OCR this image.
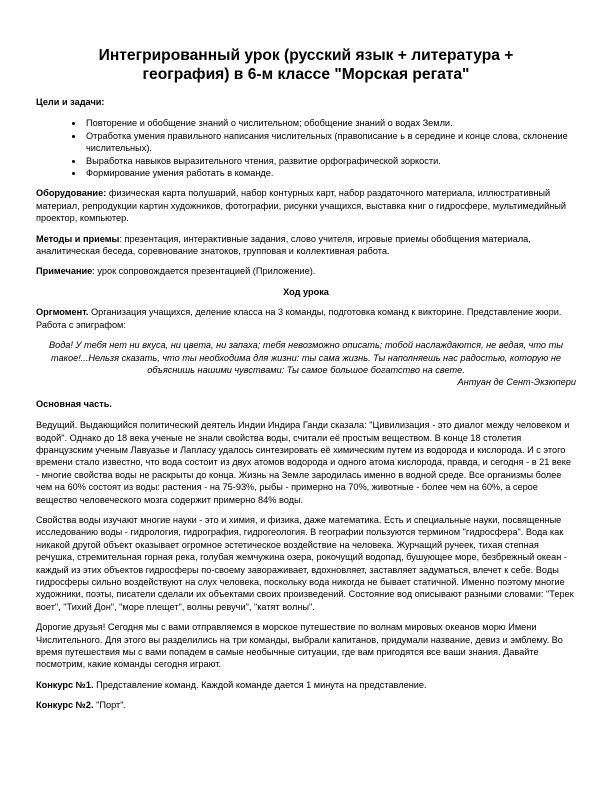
Интегрированный урок (русский язык + литература +
география) в 6-м классе "Морская регата"
Цели и задачи:
• Повторение и обобщение знаний о числительном; обобщение знаний о водах Земли.
• Отработка умения правильного написания числительных (правописание ь в середине и конце слова, склонение числительных).
• Выработка навыков выразительного чтения, развитие орфографической зоркости.
• Формирование умения работать в команде.

Оборудование: физическая карта полушарий, набор контурных карт, набор раздаточного материала, иллюстративный материал, репродукции картин художников, фотографии, рисунки учащихся, выставка книг о гидросфере, мультимедийный проектор, компьютер.

Методы и приемы: презентация, интерактивные задания, слово учителя, игровые приемы обобщения материала, аналитическая беседа, соревнование знатоков, групповая и коллективная работа.

Примечание: урок сопровождается презентацией (Приложение).

Ход урока

Оргмомент. Организация учащихся, деление класса на 3 команды, подготовка команд к викторине. Представление жюри. Работа с эпиграфом:

Вода! У тебя нет ни вкуса, ни цвета, ни запаха; тебя невозможно описать; тобой наслаждаются, не ведая, что ты такое!...Нельзя сказать, что ты необходима для жизни: ты сама жизнь. Ты наполняешь нас радостью, которую не объяснишь нашими чувствами: Ты самое большое богатство на свете.
Антуан де Сент-Экзюпери
Основная часть.

Ведущий. Выдающийся политический деятель Индии Индира Ганди сказала: "Цивилизация - это диалог между человеком и водой". Однако до 18 века ученые не знали свойства воды, считали её простым веществом. В конце 18 столетия французским ученым Лавуазье и Лапласу удалось синтезировать её химическим путем из водорода и кислорода. И с этого времени стало известно, что вода состоит из двух атомов водорода и одного атома кислорода, правда, и сегодня - в 21 веке - многие свойства воды не раскрыты до конца. Жизнь на Земле зародилась именно в водной среде. Все организмы более чем на 60% состоят из воды: растения - на 75-93%, рыбы - примерно на 70%, животные - более чем на 60%, а серое вещество человеческого мозга содержит примерно 84% воды.

Свойства воды изучают многие науки - это и химия, и физика, даже математика. Есть и специальные науки, посвященные исследованию воды - гидрология, гидрография, гидрогеология. В географии пользуются термином "гидросфера". Вода как никакой другой объект оказывает огромное эстетическое воздействие на человека. Журчащий ручеек, тихая степная речушка, стремительная горная река, голубая жемчужина озера, рокочущий водопад, бушующее море, безбрежный океан - каждый из этих объектов гидросферы по-своему завораживает, вдохновляет, заставляет задуматься, влечет к себе. Воды гидросферы сильно воздействуют на слух человека, поскольку вода никогда не бывает статичной. Именно поэтому многие художники, поэты, писатели сделали их объектами своих произведений. Состояние вод описывают разными словами: "Терек воет", "Тихий Дон", "море плещет", волны ревучи", "катят волны".

Дорогие друзья! Сегодня мы с вами отправляемся в морское путешествие по волнам мировых океанов морю Имени Числительного. Для этого вы разделились на три команды, выбрали капитанов, придумали название, девиз и эмблему. Во время путешествия мы с вами попадем в самые необычные ситуации, где вам пригодятся все ваши знания. Давайте посмотрим, какие команды сегодня играют.

Конкурс №1. Представление команд. Каждой команде дается 1 минута на представление.

Конкурс №2. "Порт".
